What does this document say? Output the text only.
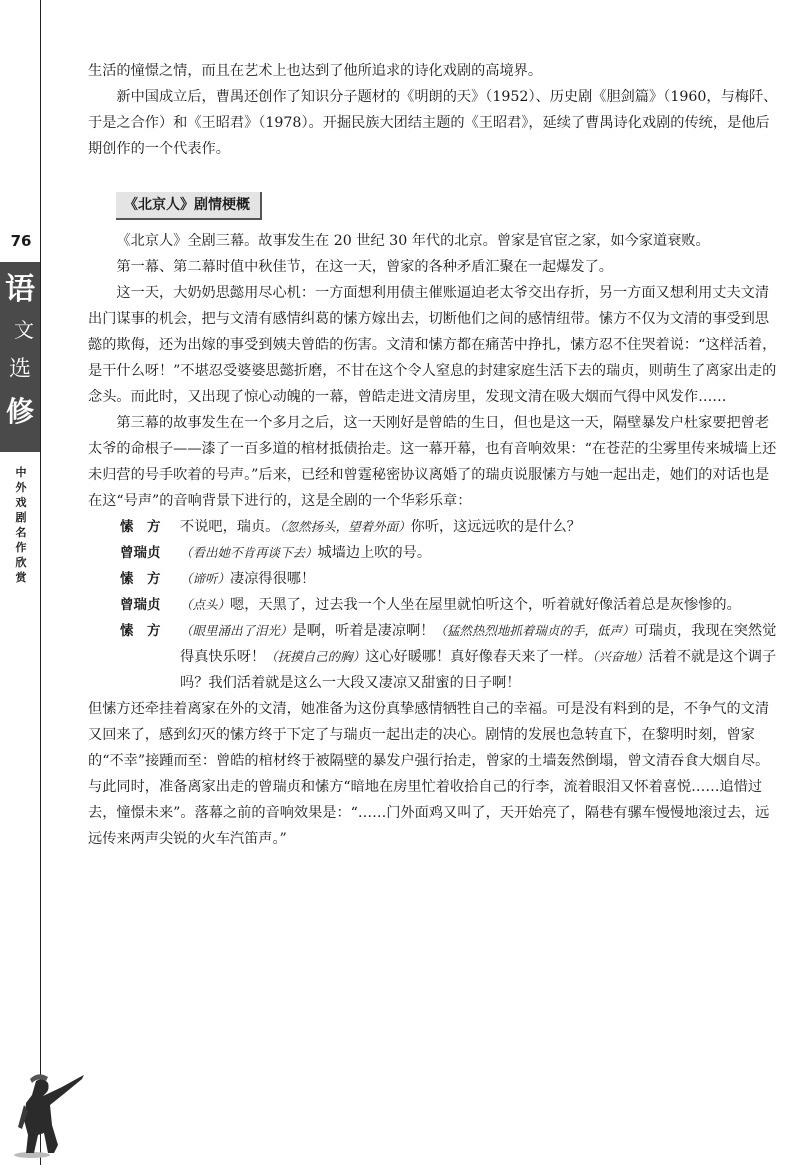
76
语
文
选
修
中
外
戏
剧
名
作
欣
赏

生活的憧憬之情，而且在艺术上也达到了他所追求的诗化戏剧的高境界。

新中国成立后，曹禺还创作了知识分子题材的《明朗的天》（1952）、历史剧《胆剑篇》（1960，与梅阡、于是之合作）和《王昭君》（1978）。开掘民族大团结主题的《王昭君》，延续了曹禺诗化戏剧的传统，是他后期创作的一个代表作。

《北京人》剧情梗概

《北京人》全剧三幕。故事发生在 20 世纪 30 年代的北京。曾家是官宦之家，如今家道衰败。

第一幕、第二幕时值中秋佳节，在这一天，曾家的各种矛盾汇聚在一起爆发了。

这一天，大奶奶思懿用尽心机：一方面想利用债主催账逼迫老太爷交出存折，另一方面又想利用丈夫文清出门谋事的机会，把与文清有感情纠葛的愫方嫁出去，切断他们之间的感情纽带。愫方不仅为文清的事受到思懿的欺侮，还为出嫁的事受到姨夫曾皓的伤害。文清和愫方都在痛苦中挣扎，愫方忍不住哭着说：“这样活着，是干什么呀！”不堪忍受婆婆思懿折磨，不甘在这个令人窒息的封建家庭生活下去的瑞贞，则萌生了离家出走的念头。而此时，又出现了惊心动魄的一幕，曾皓走进文清房里，发现文清在吸大烟而气得中风发作……

第三幕的故事发生在一个多月之后，这一天刚好是曾皓的生日，但也是这一天，隔壁暴发户杜家要把曾老太爷的命根子——漆了一百多道的棺材抵债抬走。这一幕开幕，也有音响效果：“在苍茫的尘雾里传来城墙上还未归营的号手吹着的号声。”后来，已经和曾霆秘密协议离婚了的瑞贞说服愫方与她一起出走，她们的对话也是在这“号声”的音响背景下进行的，这是全剧的一个华彩乐章：

愫　方	不说吧，瑞贞。（忽然扬头，望着外面）你听，这远远吹的是什么？
曾瑞贞	（看出她不肯再谈下去）城墙边上吹的号。
愫　方	（谛听）凄凉得很哪！
曾瑞贞	（点头）嗯，天黑了，过去我一个人坐在屋里就怕听这个，听着就好像活着总是灰惨惨的。
愫　方	（眼里涌出了泪光）是啊，听着是凄凉啊！（猛然热烈地抓着瑞贞的手，低声）可瑞贞，我现在突然觉得真快乐呀！（抚摸自己的胸）这心好暖哪！真好像春天来了一样。（兴奋地）活着不就是这个调子吗？我们活着就是这么一大段又凄凉又甜蜜的日子啊！

但愫方还牵挂着离家在外的文清，她准备为这份真挚感情牺牲自己的幸福。可是没有料到的是，不争气的文清又回来了，感到幻灭的愫方终于下定了与瑞贞一起出走的决心。剧情的发展也急转直下，在黎明时刻，曾家的“不幸”接踵而至：曾皓的棺材终于被隔壁的暴发户强行抬走，曾家的土墙轰然倒塌，曾文清吞食大烟自尽。与此同时，准备离家出走的曾瑞贞和愫方“暗地在房里忙着收拾自己的行李，流着眼泪又怀着喜悦……追惜过去，憧憬未来”。落幕之前的音响效果是：“……门外面鸡又叫了，天开始亮了，隔巷有骡车慢慢地滚过去，远远传来两声尖锐的火车汽笛声。”
